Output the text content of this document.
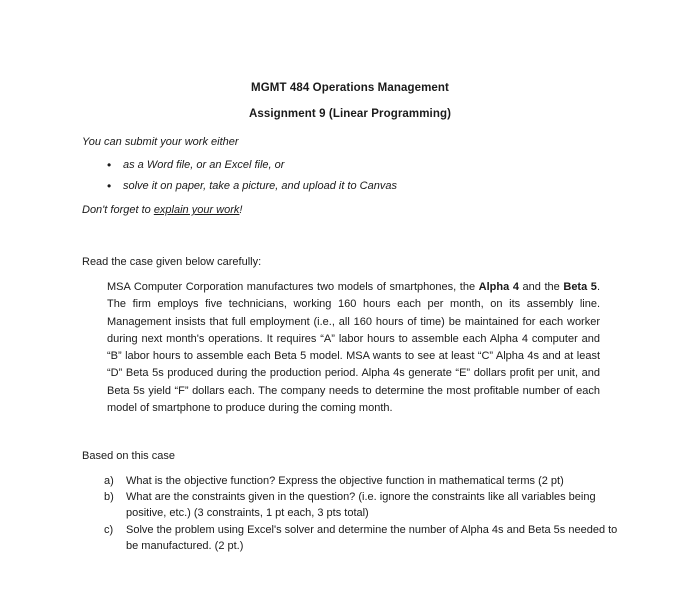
MGMT 484 Operations Management
Assignment 9 (Linear Programming)
You can submit your work either
• as a Word file, or an Excel file, or
• solve it on paper, take a picture, and upload it to Canvas
Don't forget to explain your work!
Read the case given below carefully:
MSA Computer Corporation manufactures two models of smartphones, the Alpha 4 and the Beta 5. The firm employs five technicians, working 160 hours each per month, on its assembly line. Management insists that full employment (i.e., all 160 hours of time) be maintained for each worker during next month's operations. It requires “A” labor hours to assemble each Alpha 4 computer and “B” labor hours to assemble each Beta 5 model. MSA wants to see at least “C” Alpha 4s and at least “D” Beta 5s produced during the production period. Alpha 4s generate “E” dollars profit per unit, and Beta 5s yield “F” dollars each. The company needs to determine the most profitable number of each model of smartphone to produce during the coming month.
Based on this case
a) What is the objective function? Express the objective function in mathematical terms (2 pt)
b) What are the constraints given in the question? (i.e. ignore the constraints like all variables being positive, etc.) (3 constraints, 1 pt each, 3 pts total)
c) Solve the problem using Excel's solver and determine the number of Alpha 4s and Beta 5s needed to be manufactured. (2 pt.)
